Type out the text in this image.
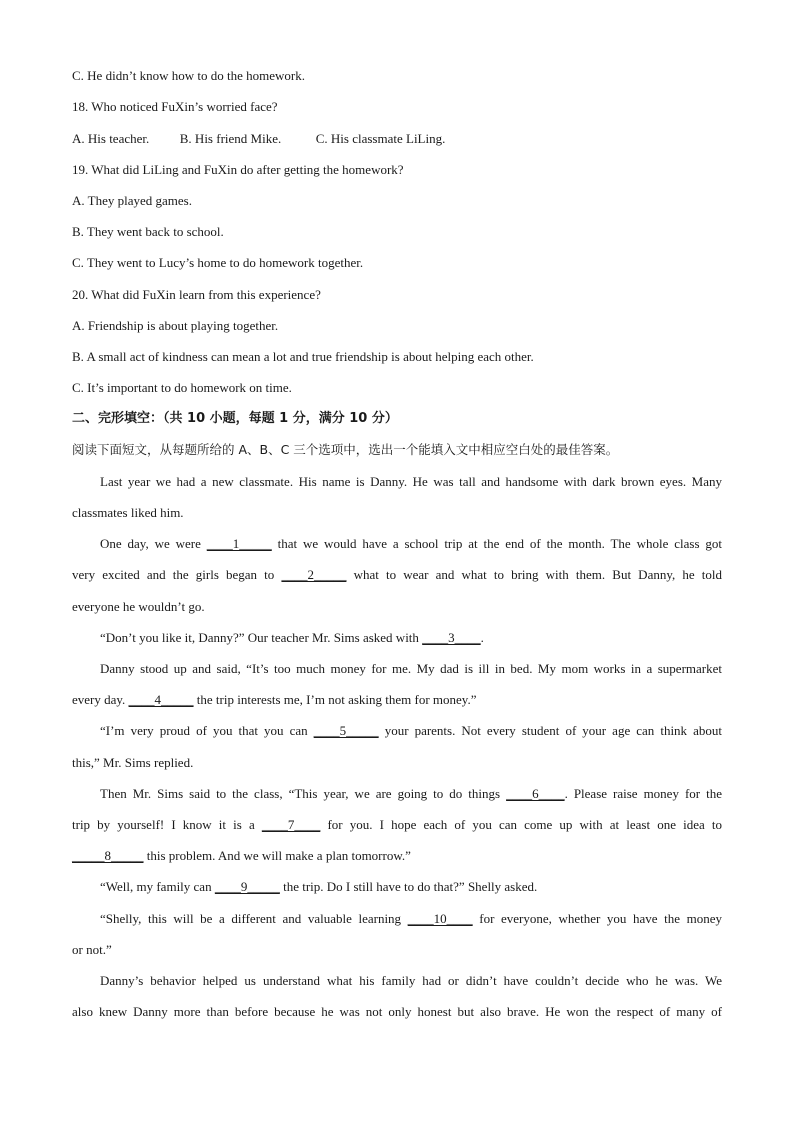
C. He didn’t know how to do the homework.
18. Who noticed FuXin’s worried face?
A. His teacher. B. His friend Mike.	C. His classmate LiLing.
19. What did LiLing and FuXin do after getting the homework?
A. They played games.
B. They went back to school.
C. They went to Lucy’s home to do homework together.
20. What did FuXin learn from this experience?
A. Friendship is about playing together.
B. A small act of kindness can mean a lot and true friendship is about helping each other.
C. It’s important to do homework on time.
二、完形填空：（共 10 小题，每题 1 分，满分 10 分）
阅读下面短文，从每题所给的 A、B、C 三个选项中，选出一个能填入文中相应空白处的最佳答案。
Last year we had a new classmate. His name is Danny. He was tall and handsome with dark brown eyes. Many
classmates liked him.
One day, we were ____1_____ that we would have a school trip at the end of the month. The whole class got
very excited and the girls began to ____2_____ what to wear and what to bring with them. But Danny, he told
everyone he wouldn’t go.
“Don’t you like it, Danny?” Our teacher Mr. Sims asked with ____3____.
Danny stood up and said, “It’s too much money for me. My dad is ill in bed. My mom works in a supermarket
every day. ____4_____ the trip interests me, I’m not asking them for money.”
“I’m very proud of you that you can ____5_____ your parents. Not every student of your age can think about
this,” Mr. Sims replied.
Then Mr. Sims said to the class, “This year, we are going to do things ____6____. Please raise money for the
trip by yourself! I know it is a ____7____ for you. I hope each of you can come up with at least one idea to
_____8_____ this problem. And we will make a plan tomorrow.”
“Well, my family can ____9_____ the trip. Do I still have to do that?” Shelly asked.
“Shelly, this will be a different and valuable learning ____10____ for everyone, whether you have the money
or not.”
Danny’s behavior helped us understand what his family had or didn’t have couldn’t decide who he was. We
also knew Danny more than before because he was not only honest but also brave. He won the respect of many of
